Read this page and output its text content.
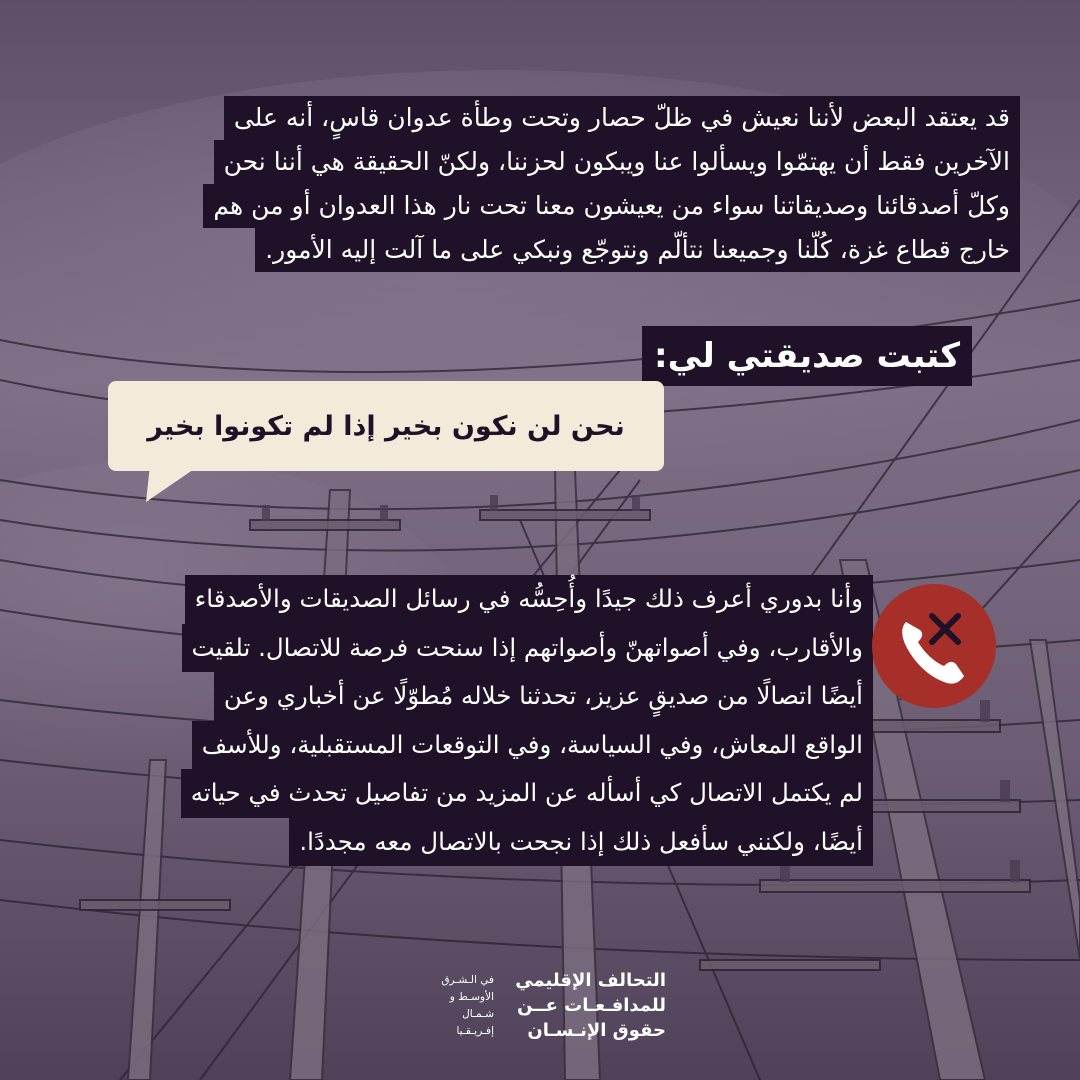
قد يعتقد البعض لأننا نعيش في ظلّ حصار وتحت وطأة عدوان قاسٍ، أنه على
الآخرين فقط أن يهتمّوا ويسألوا عنا ويبكون لحزننا، ولكنّ الحقيقة هي أننا نحن
وكلّ أصدقائنا وصديقاتنا سواء من يعيشون معنا تحت نار هذا العدوان أو من هم
خارج قطاع غزة، كُلّنا وجميعنا نتألّم ونتوجّع ونبكي على ما آلت إليه الأمور.
كتبت صديقتي لي:
نحن لن نكون بخير إذا لم تكونوا بخير
وأنا بدوري أعرف ذلك جيدًا وأُحِسُّه في رسائل الصديقات والأصدقاء
والأقارب، وفي أصواتهنّ وأصواتهم إذا سنحت فرصة للاتصال. تلقيت
أيضًا اتصالًا من صديقٍ عزيز، تحدثنا خلاله مُطوّلًا عن أخباري وعن
الواقع المعاش، وفي السياسة، وفي التوقعات المستقبلية، وللأسف
لم يكتمل الاتصال كي أسأله عن المزيد من تفاصيل تحدث في حياته
أيضًا، ولكنني سأفعل ذلك إذا نجحت بالاتصال معه مجددًا.
التحالف الإقليمي
للمدافـعـات عــن
حقوق الإنـسـان
في الـشـرق
الأوسـط و
شـمـال
إفـريـقـيا
